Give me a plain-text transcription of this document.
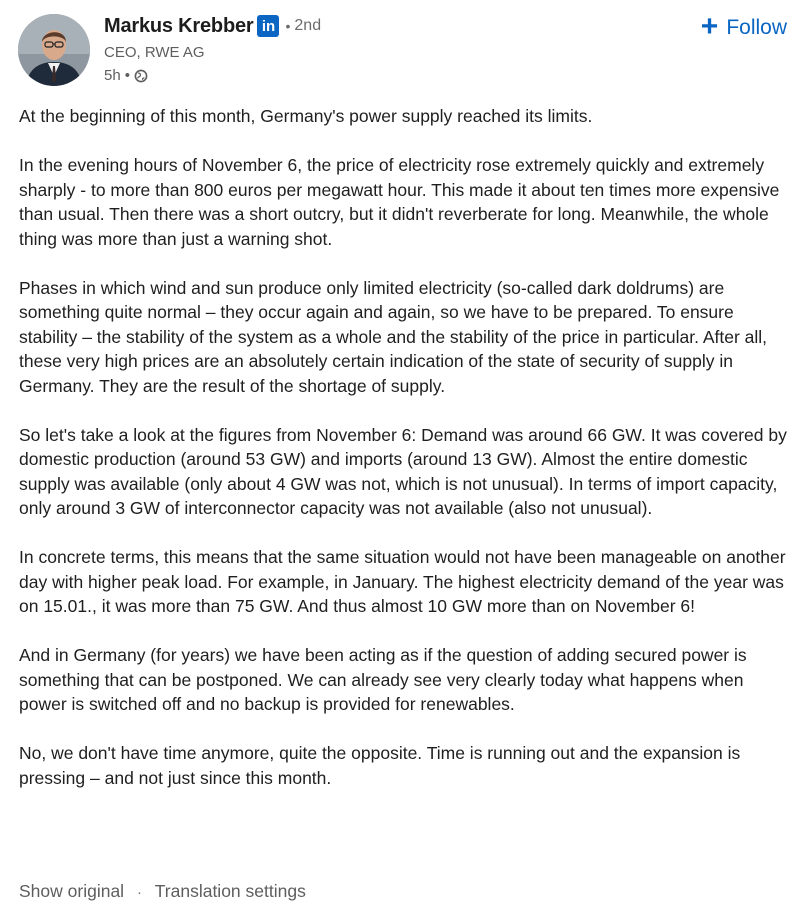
Markus Krebber in • 2nd
CEO, RWE AG
5h •
+ Follow

At the beginning of this month, Germany's power supply reached its limits.

In the evening hours of November 6, the price of electricity rose extremely quickly and extremely sharply - to more than 800 euros per megawatt hour. This made it about ten times more expensive than usual. Then there was a short outcry, but it didn't reverberate for long. Meanwhile, the whole thing was more than just a warning shot.

Phases in which wind and sun produce only limited electricity (so-called dark doldrums) are something quite normal – they occur again and again, so we have to be prepared. To ensure stability – the stability of the system as a whole and the stability of the price in particular. After all, these very high prices are an absolutely certain indication of the state of security of supply in Germany. They are the result of the shortage of supply.

So let's take a look at the figures from November 6: Demand was around 66 GW. It was covered by domestic production (around 53 GW) and imports (around 13 GW). Almost the entire domestic supply was available (only about 4 GW was not, which is not unusual). In terms of import capacity, only around 3 GW of interconnector capacity was not available (also not unusual).

In concrete terms, this means that the same situation would not have been manageable on another day with higher peak load. For example, in January. The highest electricity demand of the year was on 15.01., it was more than 75 GW. And thus almost 10 GW more than on November 6!

And in Germany (for years) we have been acting as if the question of adding secured power is something that can be postponed. We can already see very clearly today what happens when power is switched off and no backup is provided for renewables.

No, we don't have time anymore, quite the opposite. Time is running out and the expansion is pressing – and not just since this month.

Show original · Translation settings
